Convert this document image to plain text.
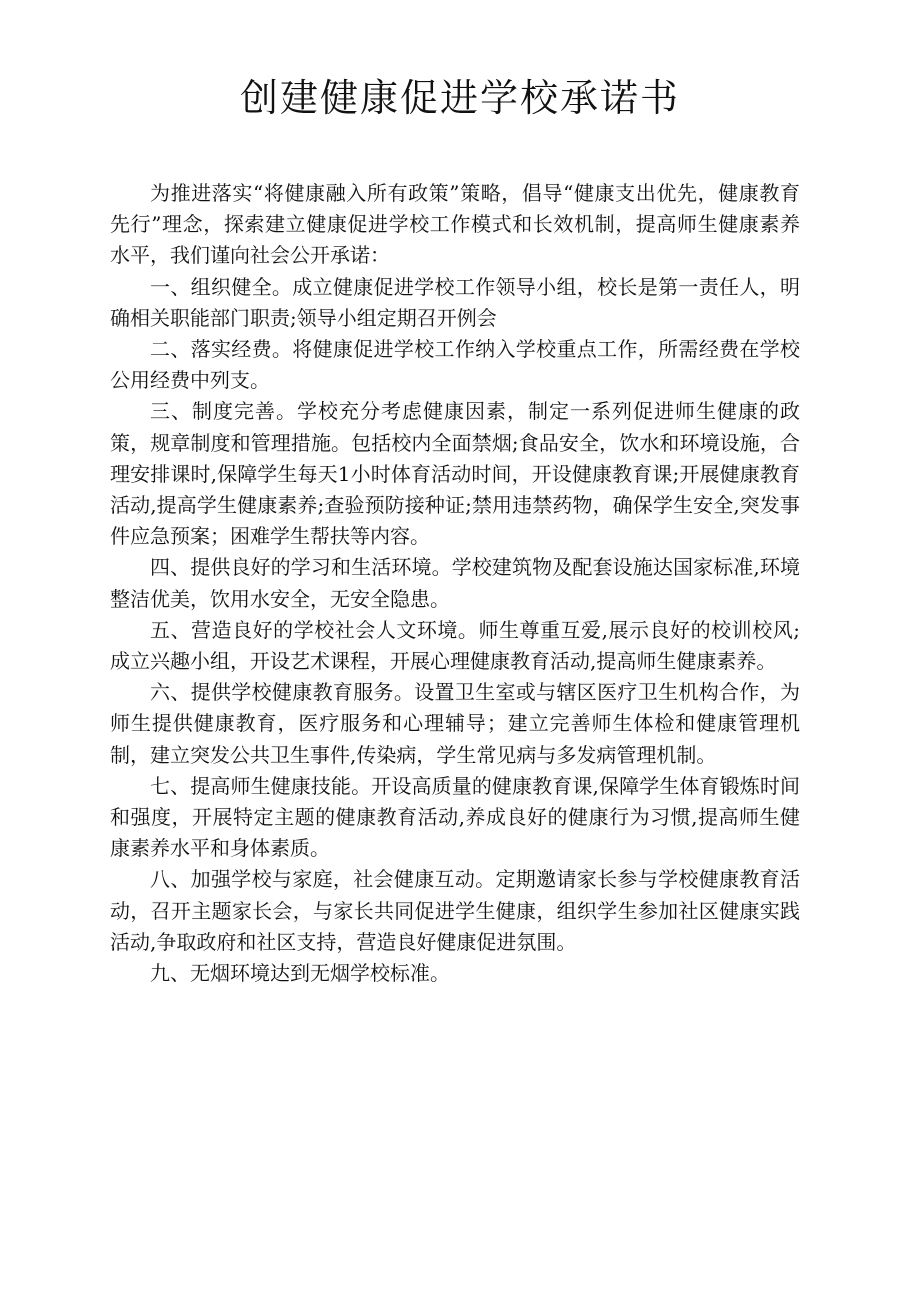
创建健康促进学校承诺书

为推进落实“将健康融入所有政策”策略，倡导“健康支出优先，健康教育先行”理念，探索建立健康促进学校工作模式和长效机制，提高师生健康素养水平，我们谨向社会公开承诺：

一、组织健全。成立健康促进学校工作领导小组，校长是第一责任人，明确相关职能部门职责;领导小组定期召开例会

二、落实经费。将健康促进学校工作纳入学校重点工作，所需经费在学校公用经费中列支。

三、制度完善。学校充分考虑健康因素，制定一系列促进师生健康的政策，规章制度和管理措施。包括校内全面禁烟;食品安全，饮水和环境设施，合理安排课时,保障学生每天1小时体育活动时间，开设健康教育课;开展健康教育活动,提高学生健康素养;查验预防接种证;禁用违禁药物，确保学生安全,突发事件应急预案；困难学生帮扶等内容。

四、提供良好的学习和生活环境。学校建筑物及配套设施达国家标准,环境整洁优美，饮用水安全，无安全隐患。

五、营造良好的学校社会人文环境。师生尊重互爱,展示良好的校训校风;成立兴趣小组，开设艺术课程，开展心理健康教育活动,提高师生健康素养。

六、提供学校健康教育服务。设置卫生室或与辖区医疗卫生机构合作，为师生提供健康教育，医疗服务和心理辅导；建立完善师生体检和健康管理机制，建立突发公共卫生事件,传染病，学生常见病与多发病管理机制。

七、提高师生健康技能。开设高质量的健康教育课,保障学生体育锻炼时间和强度，开展特定主题的健康教育活动,养成良好的健康行为习惯,提高师生健康素养水平和身体素质。

八、加强学校与家庭，社会健康互动。定期邀请家长参与学校健康教育活动，召开主题家长会，与家长共同促进学生健康，组织学生参加社区健康实践活动,争取政府和社区支持，营造良好健康促进氛围。

九、无烟环境达到无烟学校标准。
